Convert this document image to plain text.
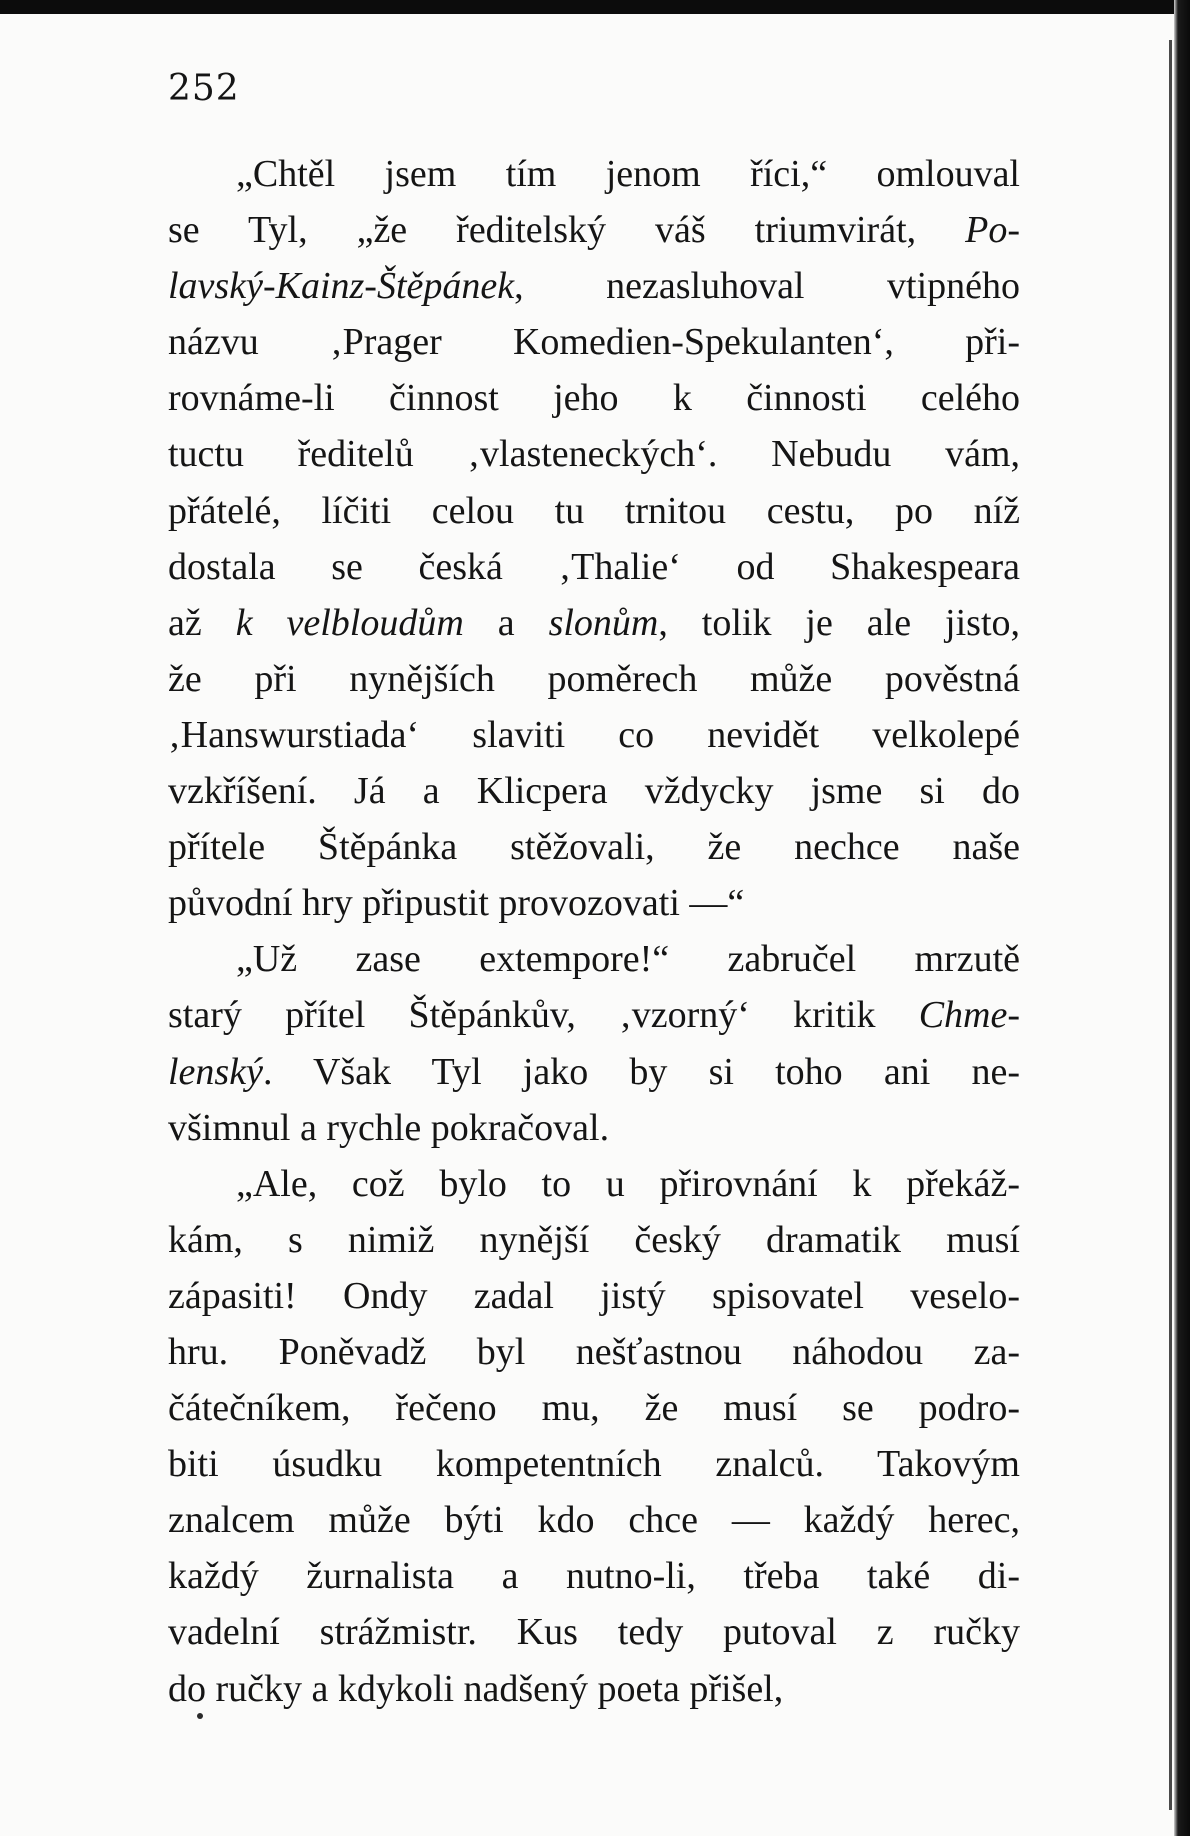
252
„Chtěl jsem tím jenom říci,“ omlouval
se Tyl, „že ředitelský váš triumvirát, Po-
lavský-Kainz-Štěpánek, nezasluhoval vtipného
názvu ‚Prager Komedien-Spekulanten‘, při-
rovnáme-li činnost jeho k činnosti celého
tuctu ředitelů ‚vlasteneckých‘. Nebudu vám,
přátelé, líčiti celou tu trnitou cestu, po níž
dostala se česká ‚Thalie‘ od Shakespeara
až k velbloudům a slonům, tolik je ale jisto,
že při nynějších poměrech může pověstná
‚Hanswurstiada‘ slaviti co nevidět velkolepé
vzkříšení. Já a Klicpera vždycky jsme si do
přítele Štěpánka stěžovali, že nechce naše
původní hry připustit provozovati —“
„Už zase extempore!“ zabručel mrzutě
starý přítel Štěpánkův, ‚vzorný‘ kritik Chme-
lenský. Však Tyl jako by si toho ani ne-
všimnul a rychle pokračoval.
„Ale, což bylo to u přirovnání k překáž-
kám, s nimiž nynější český dramatik musí
zápasiti! Ondy zadal jistý spisovatel veselo-
hru. Poněvadž byl nešťastnou náhodou za-
čátečníkem, řečeno mu, že musí se podro-
biti úsudku kompetentních znalců. Takovým
znalcem může býti kdo chce — každý herec,
každý žurnalista a nutno-li, třeba také di-
vadelní strážmistr. Kus tedy putoval z ručky
do ručky a kdykoli nadšený poeta přišel,
